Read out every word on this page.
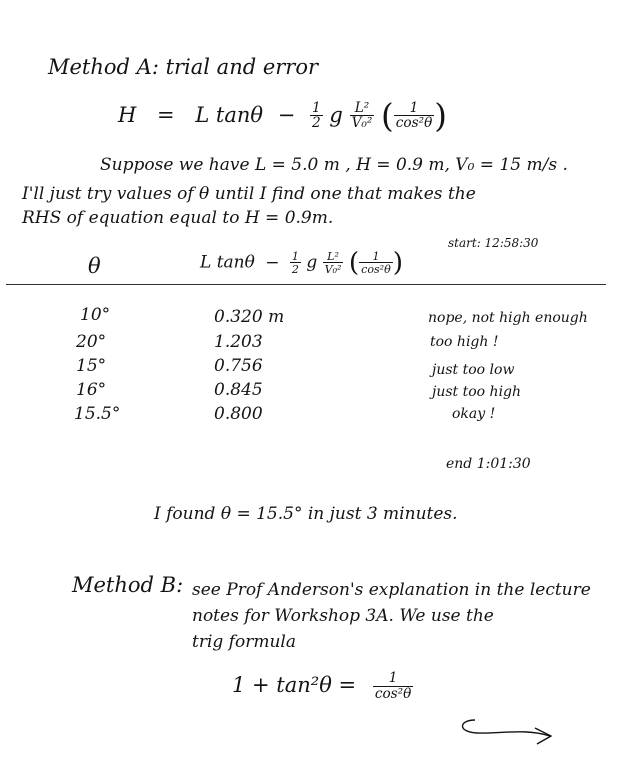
Method A: trial and error
H = L $\tan\theta - \frac{1}{2}$ g $\frac{\text{L²}}{\text{V₀²}}$ ( $\frac{1}{\text{cos²θ}}$ )
Suppose we have L = 5.0 m , H = 0.9 m, V₀ = 15 m/s .
I'll just try values of θ until I find one that makes the
RHS of equation equal to H = 0.9m.
start: 12:58:30
θ	L $\tan\theta - \frac{1}{2}$ g $\frac{\text{L²}}{\text{V₀²}}$ ( $\frac{1}{\text{cos²θ}}$ )
10°	0.320 m	nope, not high enough
20°	1.203	too high !
15°	0.756	just too low
16°	0.845	just too high
15.5°	0.800	okay !
end 1:01:30
I found θ = 15.5° in just 3 minutes.
Method B: see Prof Anderson's explanation in the lecture
notes for Workshop 3A. We use the
trig formula
$1 + \tan^2\theta = \frac{1}{\text{cos²θ}}$
